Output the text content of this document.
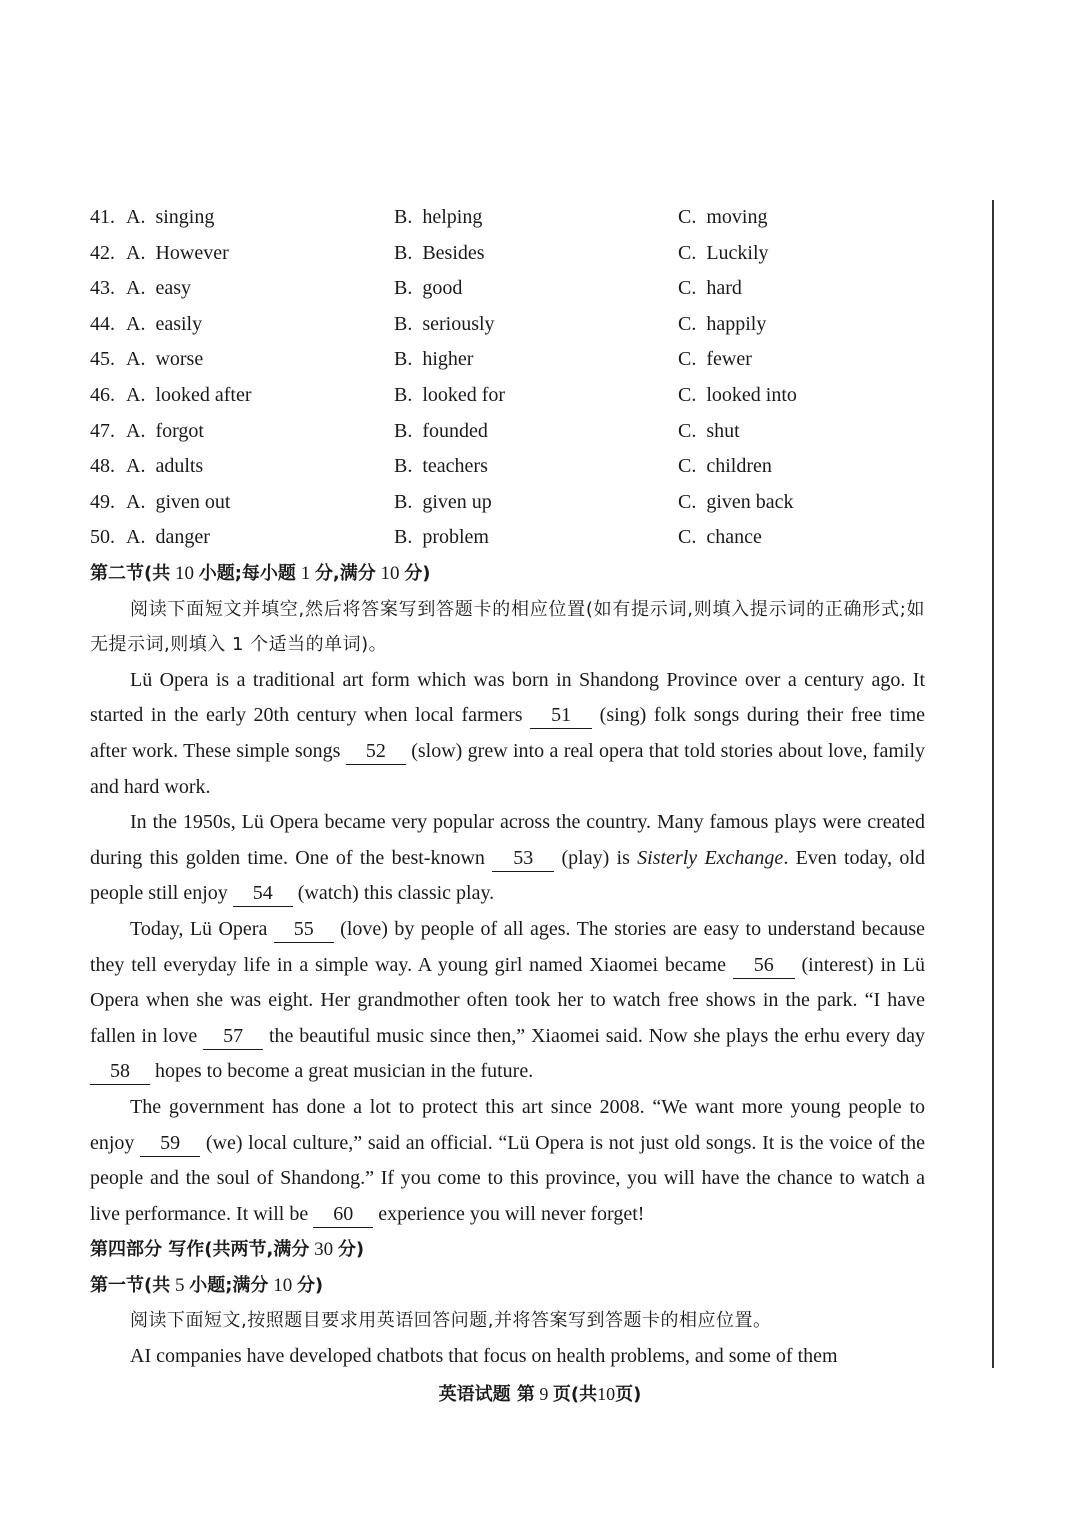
41. A.  singing	B.  helping	C.  moving
42. A.  However	B.  Besides	C.  Luckily
43. A.  easy	B.  good	C.  hard
44. A.  easily	B.  seriously	C.  happily
45. A.  worse	B.  higher	C.  fewer
46. A.  looked after	B.  looked for	C.  looked into
47. A.  forgot	B.  founded	C.  shut
48. A.  adults	B.  teachers	C.  children
49. A.  given out	B.  given up	C.  given back
50. A.  danger	B.  problem	C.  chance
第二节(共 10 小题;每小题 1 分,满分 10 分)

阅读下面短文并填空,然后将答案写到答题卡的相应位置(如有提示词,则填入提示词的正确形式;如无提示词,则填入 1 个适当的单词)。

Lü Opera is a traditional art form which was born in Shandong Province over a century ago. It started in the early 20th century when local farmers 51 (sing) folk songs during their free time after work. These simple songs 52 (slow) grew into a real opera that told stories about love, family and hard work.

In the 1950s, Lü Opera became very popular across the country. Many famous plays were created during this golden time. One of the best-known 53 (play) is Sisterly Exchange. Even today, old people still enjoy 54 (watch) this classic play.

Today, Lü Opera 55 (love) by people of all ages. The stories are easy to understand because they tell everyday life in a simple way. A young girl named Xiaomei became 56 (interest) in Lü Opera when she was eight. Her grandmother often took her to watch free shows in the park. “I have fallen in love 57 the beautiful music since then,” Xiaomei said. Now she plays the erhu every day 58 hopes to become a great musician in the future.

The government has done a lot to protect this art since 2008. “We want more young people to enjoy 59 (we) local culture,” said an official. “Lü Opera is not just old songs. It is the voice of the people and the soul of Shandong.” If you come to this province, you will have the chance to watch a live performance. It will be 60 experience you will never forget!

第四部分 写作(共两节,满分 30 分)
第一节(共 5 小题;满分 10 分)

阅读下面短文,按照题目要求用英语回答问题,并将答案写到答题卡的相应位置。

AI companies have developed chatbots that focus on health problems, and some of them

英语试题 第 9 页(共10页)
